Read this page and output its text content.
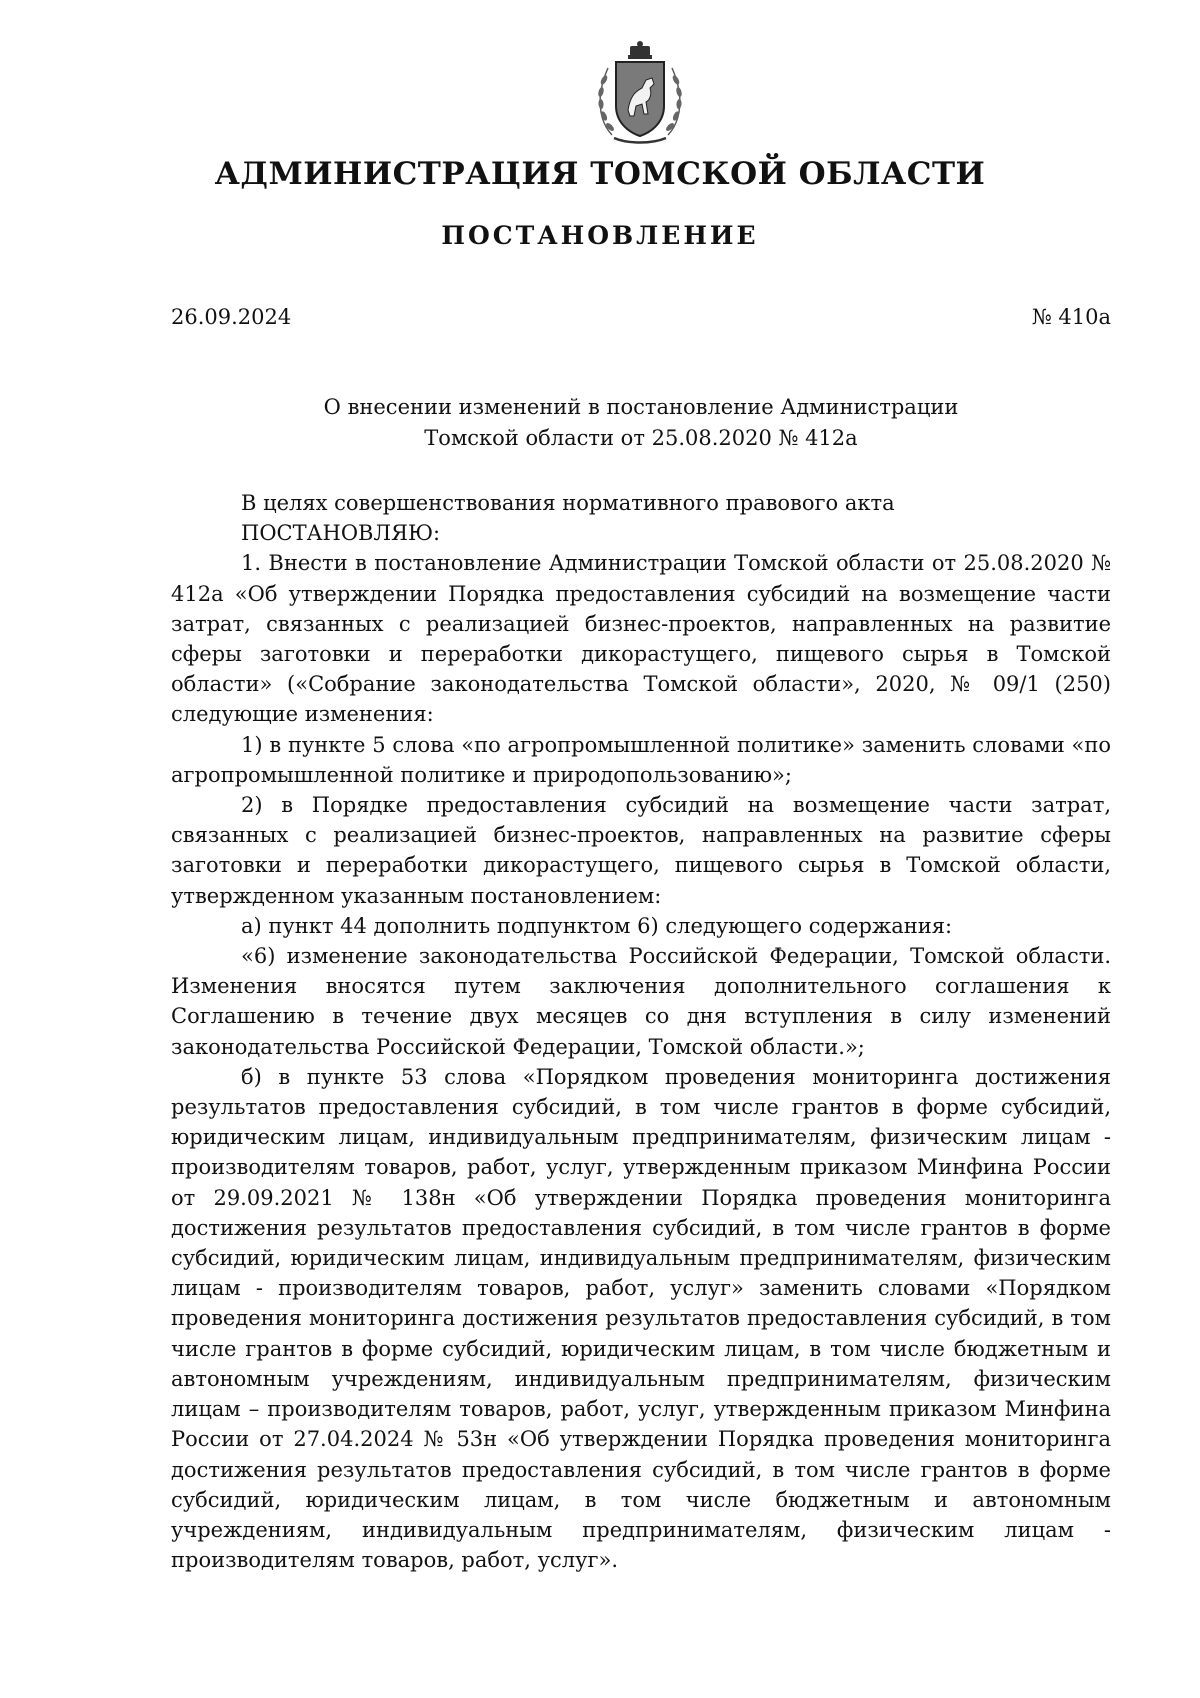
АДМИНИСТРАЦИЯ ТОМСКОЙ ОБЛАСТИ
ПОСТАНОВЛЕНИЕ
26.09.2024	№ 410а
О внесении изменений в постановление Администрации
Томской области от 25.08.2020 № 412а

В целях совершенствования нормативного правового акта

ПОСТАНОВЛЯЮ:

1. Внести в постановление Администрации Томской области от 25.08.2020 № 412а «Об утверждении Порядка предоставления субсидий на возмещение части затрат, связанных с реализацией бизнес-проектов, направленных на развитие сферы заготовки и переработки дикорастущего, пищевого сырья в Томской области» («Собрание законодательства Томской области», 2020, № 09/1 (250) следующие изменения:

1) в пункте 5 слова «по агропромышленной политике» заменить словами «по агропромышленной политике и природопользованию»;

2) в Порядке предоставления субсидий на возмещение части затрат, связанных с реализацией бизнес-проектов, направленных на развитие сферы заготовки и переработки дикорастущего, пищевого сырья в Томской области, утвержденном указанным постановлением:

а) пункт 44 дополнить подпунктом 6) следующего содержания:

«6) изменение законодательства Российской Федерации, Томской области. Изменения вносятся путем заключения дополнительного соглашения к Соглашению в течение двух месяцев со дня вступления в силу изменений законодательства Российской Федерации, Томской области.»;

б) в пункте 53 слова «Порядком проведения мониторинга достижения результатов предоставления субсидий, в том числе грантов в форме субсидий, юридическим лицам, индивидуальным предпринимателям, физическим лицам - производителям товаров, работ, услуг, утвержденным приказом Минфина России от 29.09.2021 № 138н «Об утверждении Порядка проведения мониторинга достижения результатов предоставления субсидий, в том числе грантов в форме субсидий, юридическим лицам, индивидуальным предпринимателям, физическим лицам - производителям товаров, работ, услуг» заменить словами «Порядком проведения мониторинга достижения результатов предоставления субсидий, в том числе грантов в форме субсидий, юридическим лицам, в том числе бюджетным и автономным учреждениям, индивидуальным предпринимателям, физическим лицам – производителям товаров, работ, услуг, утвержденным приказом Минфина России от 27.04.2024 № 53н «Об утверждении Порядка проведения мониторинга достижения результатов предоставления субсидий, в том числе грантов в форме субсидий, юридическим лицам, в том числе бюджетным и автономным учреждениям, индивидуальным предпринимателям, физическим лицам - производителям товаров, работ, услуг».
